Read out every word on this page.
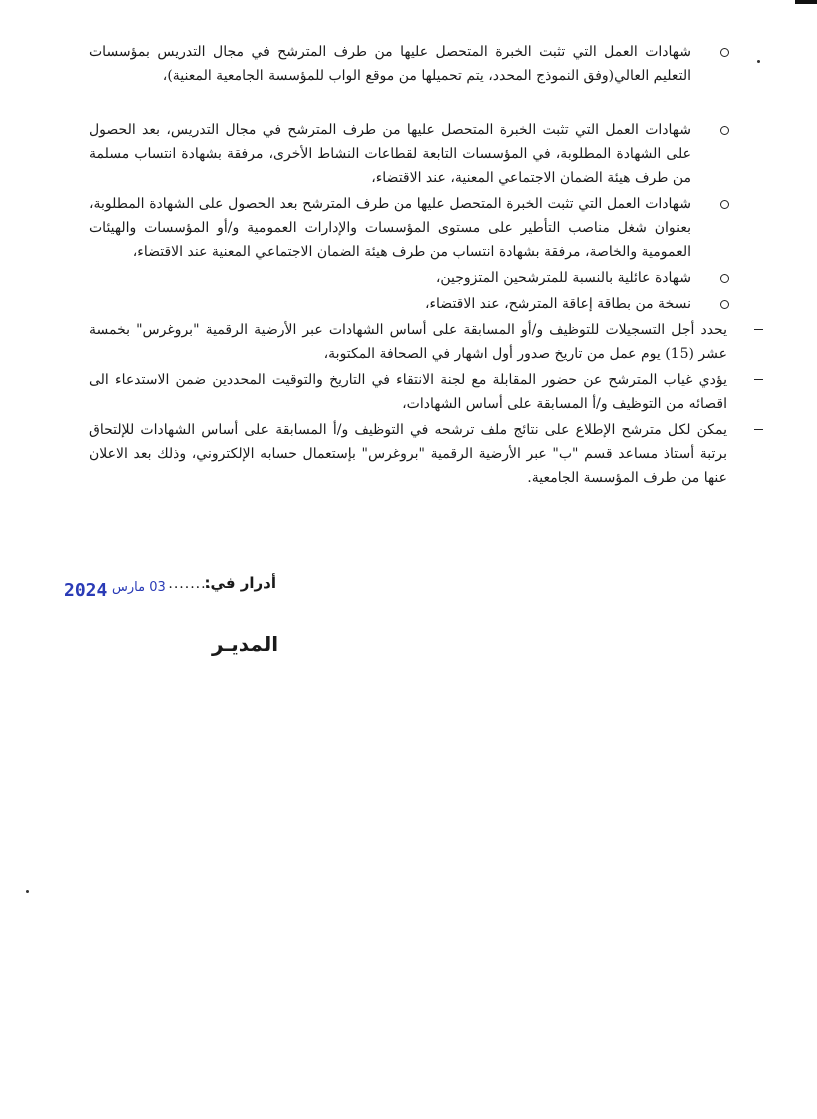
شهادات العمل التي تثبت الخبرة المتحصل عليها من طرف المترشح في مجال التدريس بمؤسسات التعليم العالي(وفق النموذج المحدد، يتم تحميلها من موقع الواب للمؤسسة الجامعية المعنية)،

شهادات العمل التي تثبت الخبرة المتحصل عليها من طرف المترشح في مجال التدريس، بعد الحصول على الشهادة المطلوبة، في المؤسسات التابعة لقطاعات النشاط الأخرى، مرفقة بشهادة انتساب مسلمة من طرف هيئة الضمان الاجتماعي المعنية، عند الاقتضاء،

شهادات العمل التي تثبت الخبرة المتحصل عليها من طرف المترشح بعد الحصول على الشهادة المطلوبة، بعنوان شغل مناصب التأطير على مستوى المؤسسات والإدارات العمومية و/أو المؤسسات والهيئات العمومية والخاصة، مرفقة بشهادة انتساب من طرف هيئة الضمان الاجتماعي المعنية عند الاقتضاء،

شهادة عائلية بالنسبة للمترشحين المتزوجين،

نسخة من بطاقة إعاقة المترشح، عند الاقتضاء،

يحدد أجل التسجيلات للتوظيف و/أو المسابقة على أساس الشهادات عبر الأرضية الرقمية "بروغرس" بخمسة عشر (15) يوم عمل من تاريخ صدور أول اشهار في الصحافة المكتوبة،

يؤدي غياب المترشح عن حضور المقابلة مع لجنة الانتقاء في التاريخ والتوقيت المحددين ضمن الاستدعاء الى اقصائه من التوظيف و/أ المسابقة على أساس الشهادات،

يمكن لكل مترشح الإطلاع على نتائج ملف ترشحه في التوظيف و/أ المسابقة على أساس الشهادات للإلتحاق برتبة أستاذ مساعد قسم "ب" عبر الأرضية الرقمية "بروغرس" بإستعمال حسابه الإلكتروني، وذلك بعد الاعلان عنها من طرف المؤسسة الجامعية.

أدرار في:
........
2024	03 مارس
المديـر
